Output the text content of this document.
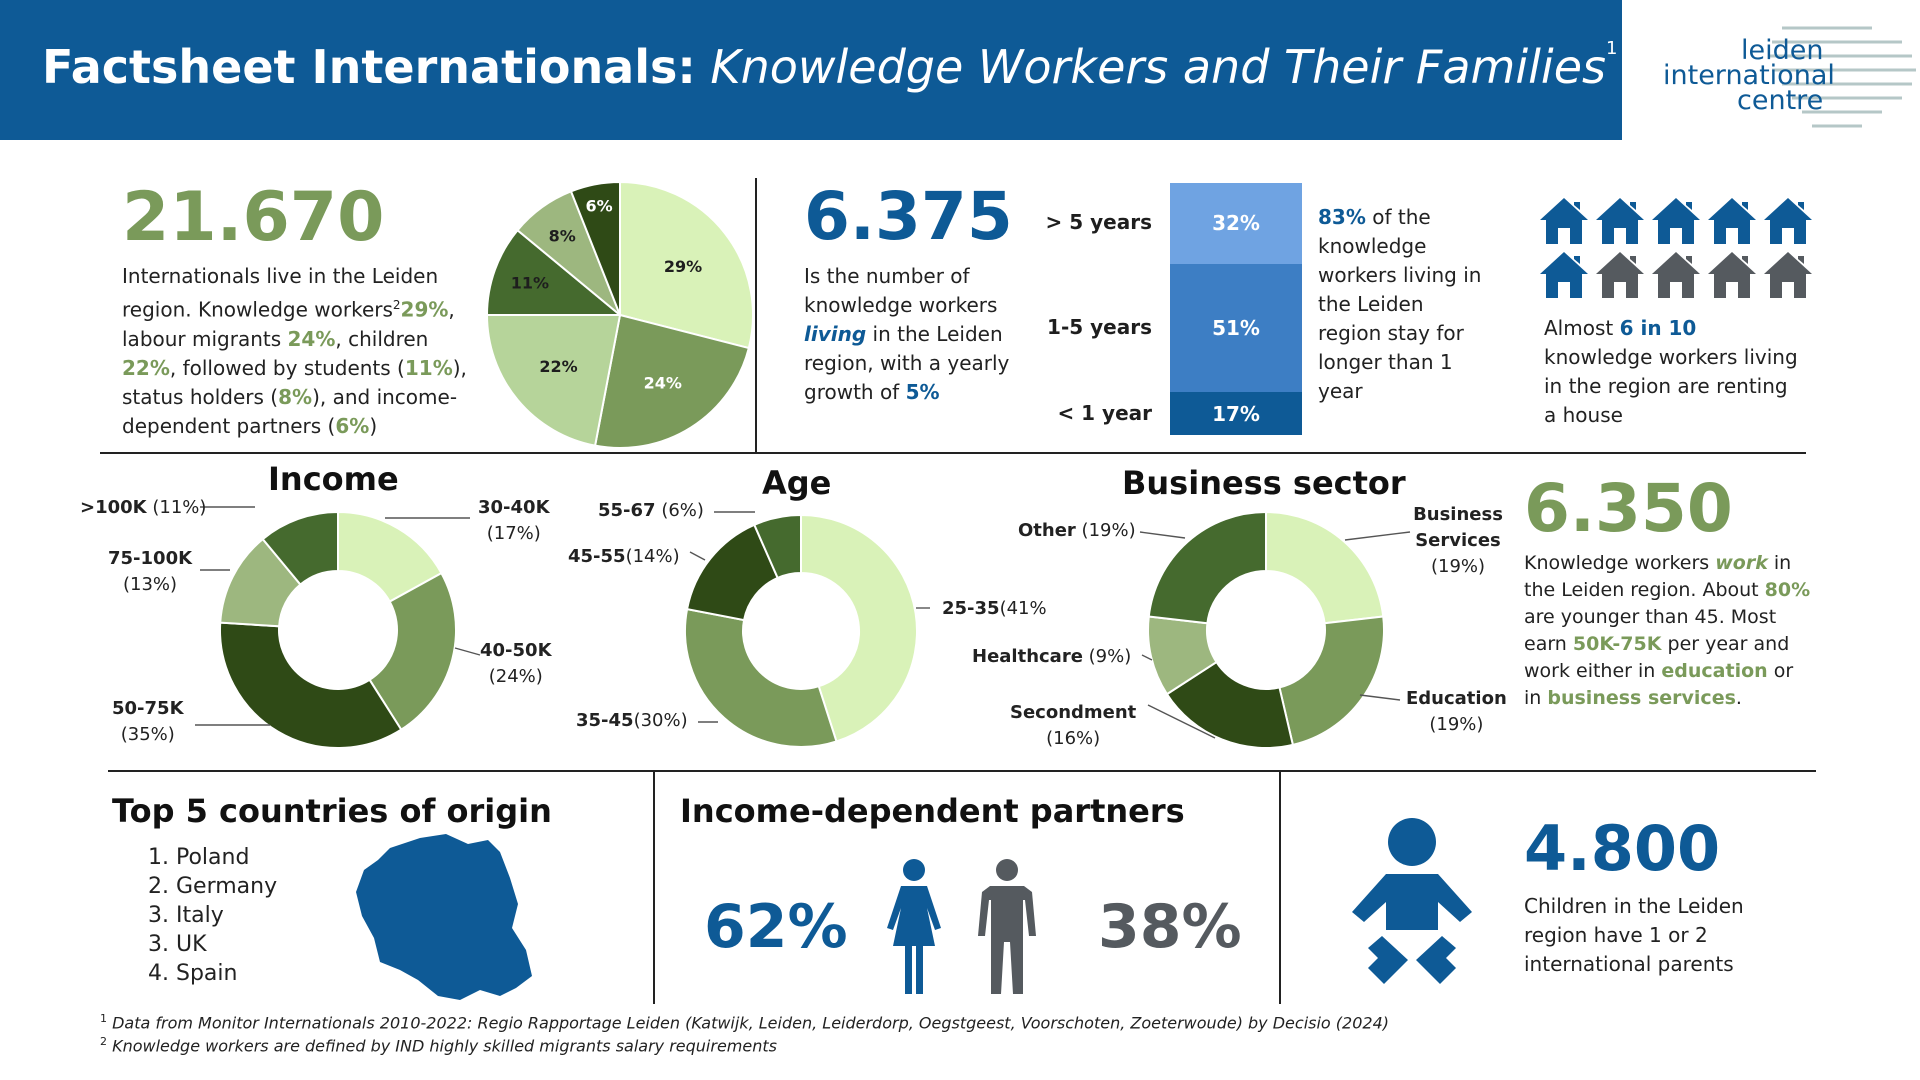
Factsheet Internationals: Knowledge Workers and Their Families$^1$	leiden
international
centre
21.670
Internationals live in the Leiden region. Knowledge workers$^2$29%, labour migrants 24%, children 22%, followed by students (11%), status holders (8%), and income-dependent partners (6%)
29%
24%
22%
11%
8%
6%	6.375
Is the number of knowledge workers living in the Leiden region, with a yearly growth of 5%
32%
> 5 years
51%
1-5 years
17%
< 1 year
83% of the knowledge workers living in the Leiden region stay for longer than 1 year
Almost 6 in 10 knowledge workers living in the region are renting a house
Income	Age	Business sector
>100K (11%)
75-100K
(13%)
50-75K
(35%)
30-40K
(17%)
40-50K
(24%)
55-67 (6%)
45-55(14%)
35-45(30%)
25-35(41%
Other (19%)
Healthcare (9%)
Secondment
(16%)
Business Services
(19%)
Education
(19%)
6.350
Knowledge workers work in the Leiden region. About 80% are younger than 45. Most earn 50K-75K per year and work either in education or in business services.
Top 5 countries of origin
1. Poland
2. Germany
3. Italy
3. UK
4. Spain
Income-dependent partners
62%	38%
4.800
Children in the Leiden region have 1 or 2 international parents
$^1$ Data from Monitor Internationals 2010-2022: Regio Rapportage Leiden (Katwijk, Leiden, Leiderdorp, Oegstgeest, Voorschoten, Zoeterwoude) by Decisio (2024)
$^2$ Knowledge workers are defined by IND highly skilled migrants salary requirements
